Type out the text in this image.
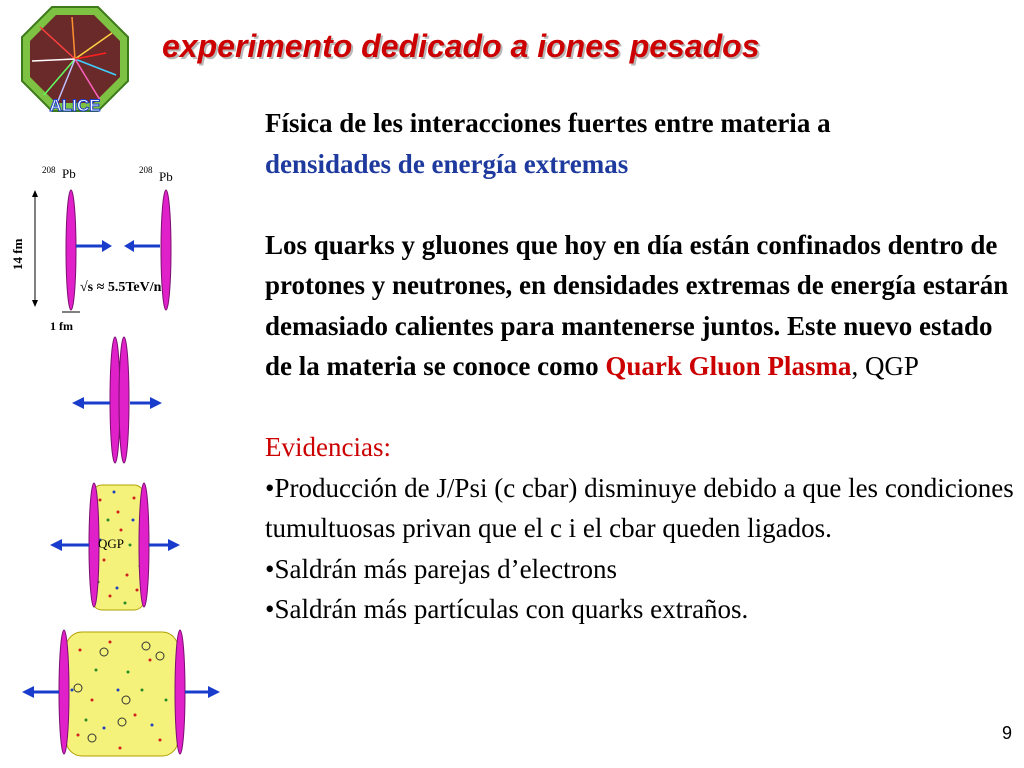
ALICE
experimento dedicado a iones pesados
208 Pb	208 Pb
14 fm
√s ≈ 5.5TeV/n
1 fm
QGP

Física de les interacciones fuertes entre materia a
densidades de energía extremas

Los quarks y gluones que hoy en día están confinados dentro de protones y neutrones, en densidades extremas de energía estarán demasiado calientes para mantenerse juntos. Este nuevo estado de la materia se conoce como Quark Gluon Plasma, QGP

Evidencias:

•Producción de J/Psi (c cbar) disminuye debido a que les condiciones tumultuosas privan que el c i el cbar queden ligados.

•Saldrán más parejas d’electrons

•Saldrán más partículas con quarks extraños.

9
